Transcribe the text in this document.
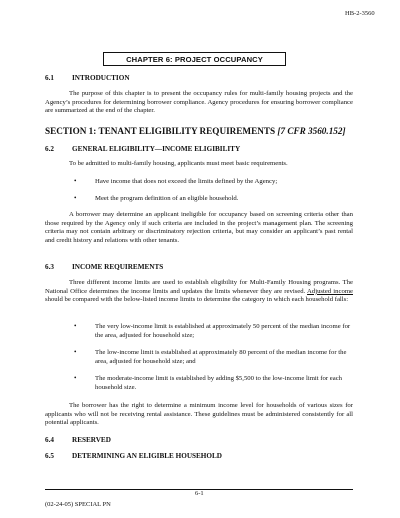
HB-2-3560
CHAPTER 6: PROJECT OCCUPANCY
6.1	INTRODUCTION
The purpose of this chapter is to present the occupancy rules for multi-family housing projects and the Agency’s procedures for determining borrower compliance. Agency procedures for ensuring borrower compliance are summarized at the end of the chapter.
SECTION 1: TENANT ELIGIBILITY REQUIREMENTS [7 CFR 3560.152]
6.2	GENERAL ELIGIBILITY—INCOME ELIGIBILITY
To be admitted to multi-family housing, applicants must meet basic requirements.
•	Have income that does not exceed the limits defined by the Agency;
•	Meet the program definition of an eligible household.
A borrower may determine an applicant ineligible for occupancy based on screening criteria other than those required by the Agency only if such criteria are included in the project’s management plan. The screening criteria may not contain arbitrary or discriminatory rejection criteria, but may consider an applicant’s past rental and credit history and relations with other tenants.
6.3	INCOME REQUIREMENTS
Three different income limits are used to establish eligibility for Multi-Family Housing programs. The National Office determines the income limits and updates the limits whenever they are revised. Adjusted income should be compared with the below-listed income limits to determine the category in which each household falls:
•	The very low-income limit is established at approximately 50 percent of the median income for the area, adjusted for household size;
•	The low-income limit is established at approximately 80 percent of the median income for the area, adjusted for household size; and
•	The moderate-income limit is established by adding $5,500 to the low-income limit for each household size.
The borrower has the right to determine a minimum income level for households of various sizes for applicants who will not be receiving rental assistance. These guidelines must be administered consistently for all potential applicants.
6.4	RESERVED
6.5	DETERMINING AN ELIGIBLE HOUSEHOLD
6-1
(02-24-05) SPECIAL PN
